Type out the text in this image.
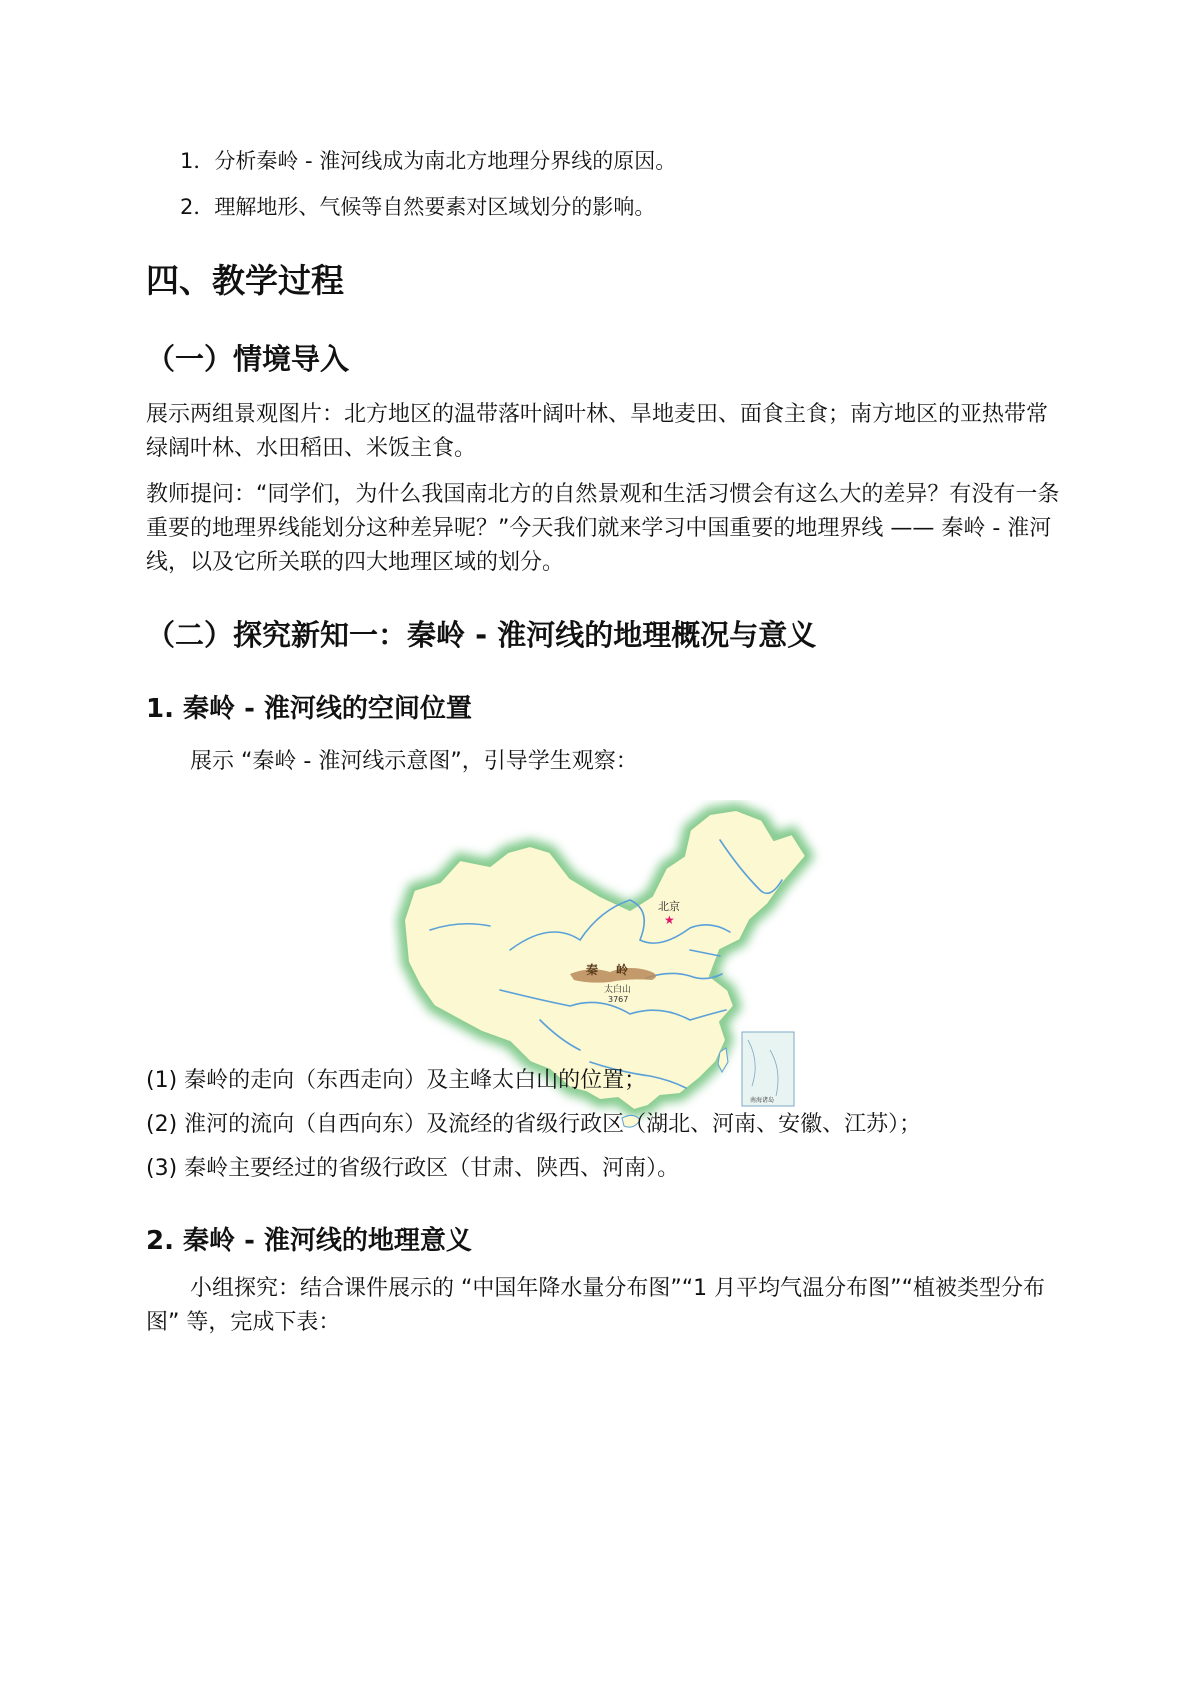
1．分析秦岭 - 淮河线成为南北方地理分界线的原因。
2．理解地形、气候等自然要素对区域划分的影响。
四、教学过程
（一）情境导入
展示两组景观图片：北方地区的温带落叶阔叶林、旱地麦田、面食主食；南方地区的亚热带常绿阔叶林、水田稻田、米饭主食。
教师提问：“同学们，为什么我国南北方的自然景观和生活习惯会有这么大的差异？有没有一条重要的地理界线能划分这种差异呢？”今天我们就来学习中国重要的地理界线 —— 秦岭 - 淮河线，以及它所关联的四大地理区域的划分。
（二）探究新知一：秦岭 - 淮河线的地理概况与意义
1. 秦岭 - 淮河线的空间位置
展示 “秦岭 - 淮河线示意图”，引导学生观察：
秦 岭
太白山
3767
北京
★
南海诸岛
(1) 秦岭的走向（东西走向）及主峰太白山的位置；
(2) 淮河的流向（自西向东）及流经的省级行政区（湖北、河南、安徽、江苏）；
(3) 秦岭主要经过的省级行政区（甘肃、陕西、河南）。
2. 秦岭 - 淮河线的地理意义
小组探究：结合课件展示的 “中国年降水量分布图”“1 月平均气温分布图”“植被类型分布图” 等，完成下表：
